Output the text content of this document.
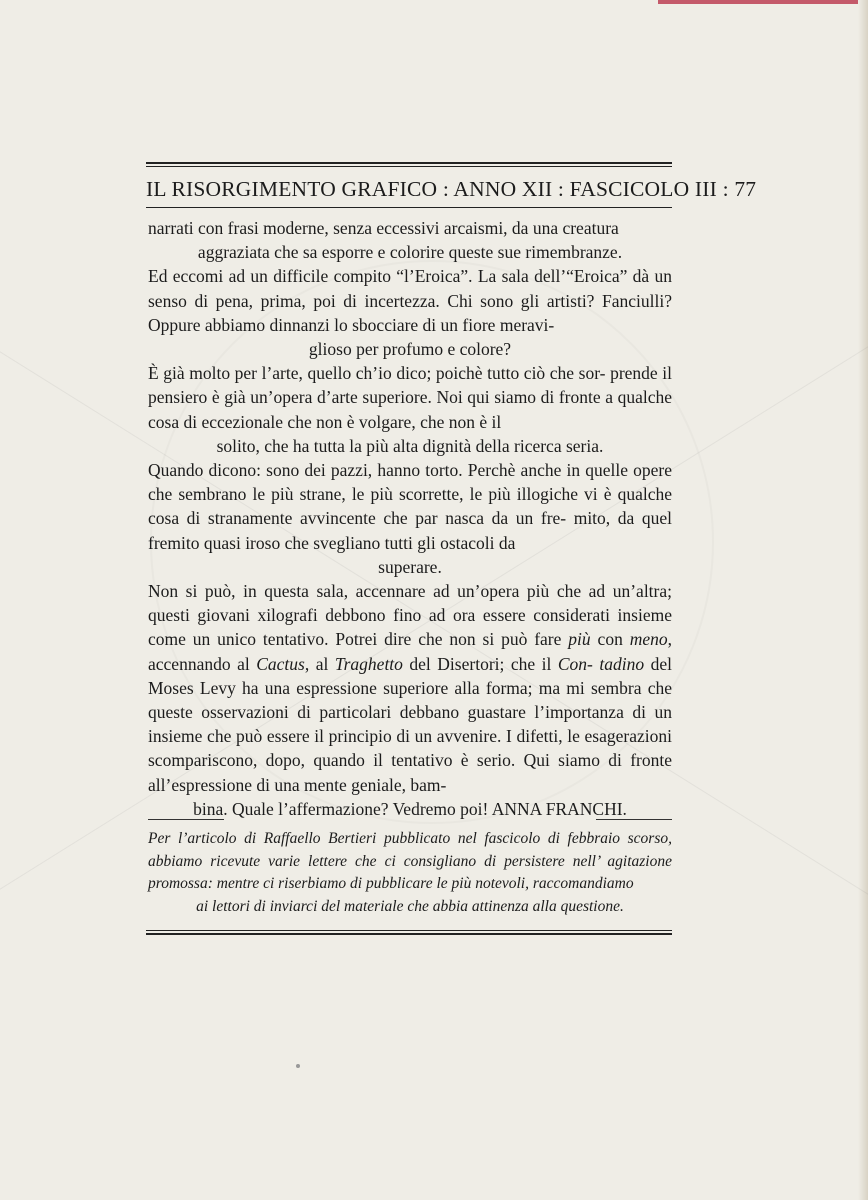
IL RISORGIMENTO GRAFICO : ANNO XII : FASCICOLO III : 77

narrati con frasi moderne, senza eccessivi arcaismi, da una creatura
aggraziata che sa esporre e colorire queste sue rimembranze.

Ed eccomi ad un difficile compito “l’Eroica”. La sala dell’“Eroica” dà un senso di pena, prima, poi di incertezza. Chi sono gli artisti? Fanciulli? Oppure abbiamo dinnanzi lo sbocciare di un fiore meravi-
glioso per profumo e colore?

È già molto per l’arte, quello ch’io dico; poichè tutto ciò che sor- prende il pensiero è già un’opera d’arte superiore. Noi qui siamo di fronte a qualche cosa di eccezionale che non è volgare, che non è il
solito, che ha tutta la più alta dignità della ricerca seria.

Quando dicono: sono dei pazzi, hanno torto. Perchè anche in quelle opere che sembrano le più strane, le più scorrette, le più illogiche vi è qualche cosa di stranamente avvincente che par nasca da un fre- mito, da quel fremito quasi iroso che svegliano tutti gli ostacoli da
superare.

Non si può, in questa sala, accennare ad un’opera più che ad un’altra; questi giovani xilografi debbono fino ad ora essere considerati insieme come un unico tentativo. Potrei dire che non si può fare più con meno, accennando al Cactus, al Traghetto del Disertori; che il Con- tadino del Moses Levy ha una espressione superiore alla forma; ma mi sembra che queste osservazioni di particolari debbano guastare l’importanza di un insieme che può essere il principio di un avvenire. I difetti, le esagerazioni scompariscono, dopo, quando il tentativo è serio. Qui siamo di fronte all’espressione di una mente geniale, bam-
bina. Quale l’affermazione? Vedremo poi! ANNA FRANCHI.

Per l’articolo di Raffaello Bertieri pubblicato nel fascicolo di febbraio scorso, abbiamo ricevute varie lettere che ci consigliano di persistere nell’ agitazione promossa: mentre ci riserbiamo di pubblicare le più notevoli, raccomandiamo
ai lettori di inviarci del materiale che abbia attinenza alla questione.
